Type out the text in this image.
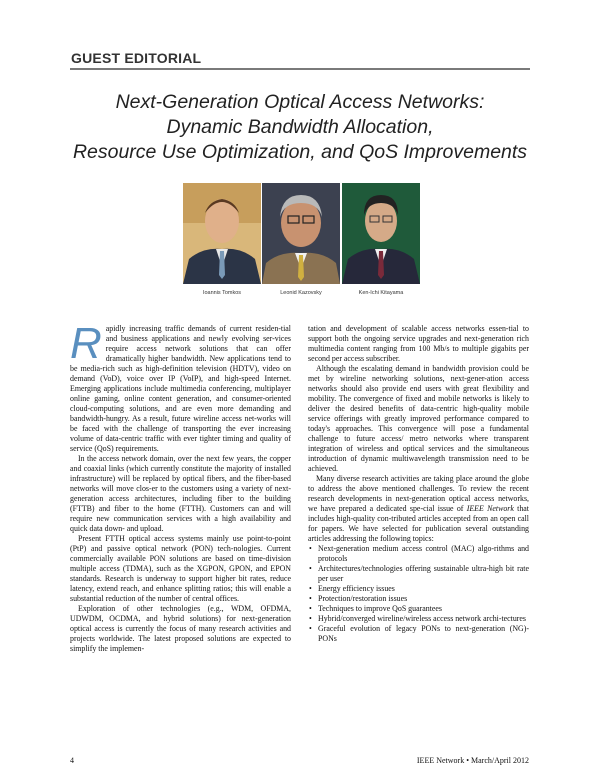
GUEST EDITORIAL
Next-Generation Optical Access Networks:
Dynamic Bandwidth Allocation,
Resource Use Optimization, and QoS Improvements
Ioannis Tomkos	Leonid Kazovsky	Ken-Ichi Kitayama

Rapidly increasing traffic demands of current residen-tial and business applications and newly evolving ser-vices require access network solutions that can offer dramatically higher bandwidth. New applications tend to be media-rich such as high-definition television (HDTV), video on demand (VoD), voice over IP (VoIP), and high-speed Internet. Emerging applications include multimedia conferencing, multiplayer online gaming, online content generation, and consumer-oriented cloud-computing solutions, and are even more demanding and bandwidth-hungry. As a result, future wireline access net-works will be faced with the challenge of transporting the ever increasing volume of data-centric traffic with ever tighter timing and quality of service (QoS) requirements.

In the access network domain, over the next few years, the copper and coaxial links (which currently constitute the majority of installed infrastructure) will be replaced by optical fibers, and the fiber-based networks will move clos-er to the customers using a variety of next-generation access architectures, including fiber to the building (FTTB) and fiber to the home (FTTH). Customers can and will require new communication services with a high availability and quick data down- and upload.

Present FTTH optical access systems mainly use point-to-point (PtP) and passive optical network (PON) tech-nologies. Current commercially available PON solutions are based on time-division multiple access (TDMA), such as the XGPON, GPON, and EPON standards. Research is underway to support higher bit rates, reduce latency, extend reach, and enhance splitting ratios; this will enable a substantial reduction of the number of central offices.

Exploration of other technologies (e.g., WDM, OFDMA, UDWDM, OCDMA, and hybrid solutions) for next-generation optical access is currently the focus of many research activities and projects worldwide. The latest proposed solutions are expected to simplify the implemen-

tation and development of scalable access networks essen-tial to support both the ongoing service upgrades and next-generation rich multimedia content ranging from 100 Mb/s to multiple gigabits per second per access subscriber.

Although the escalating demand in bandwidth provision could be met by wireline networking solutions, next-gener-ation access networks should also provide end users with great flexibility and mobility. The convergence of fixed and mobile networks is likely to deliver the desired benefits of data-centric high-quality mobile service offerings with greatly improved performance compared to today's approaches. This convergence will pose a fundamental challenge to future access/ metro networks where transparent integration of wireless and optical services and the simultaneous introduction of dynamic multiwavelength transmission need to be achieved.

Many diverse research activities are taking place around the globe to address the above mentioned challenges. To review the recent research developments in next-generation optical access networks, we have prepared a dedicated spe-cial issue of IEEE Network that includes high-quality con-tributed articles accepted from an open call for papers. We have selected for publication several outstanding articles addressing the following topics:

• Next-generation medium access control (MAC) algo-rithms and protocols
• Architectures/technologies offering sustainable ultra-high bit rate per user
• Energy efficiency issues
• Protection/restoration issues
• Techniques to improve QoS guarantees
• Hybrid/converged wireline/wireless access network archi-tectures
• Graceful evolution of legacy PONs to next-generation (NG)-PONs
4	IEEE Network • March/April 2012
